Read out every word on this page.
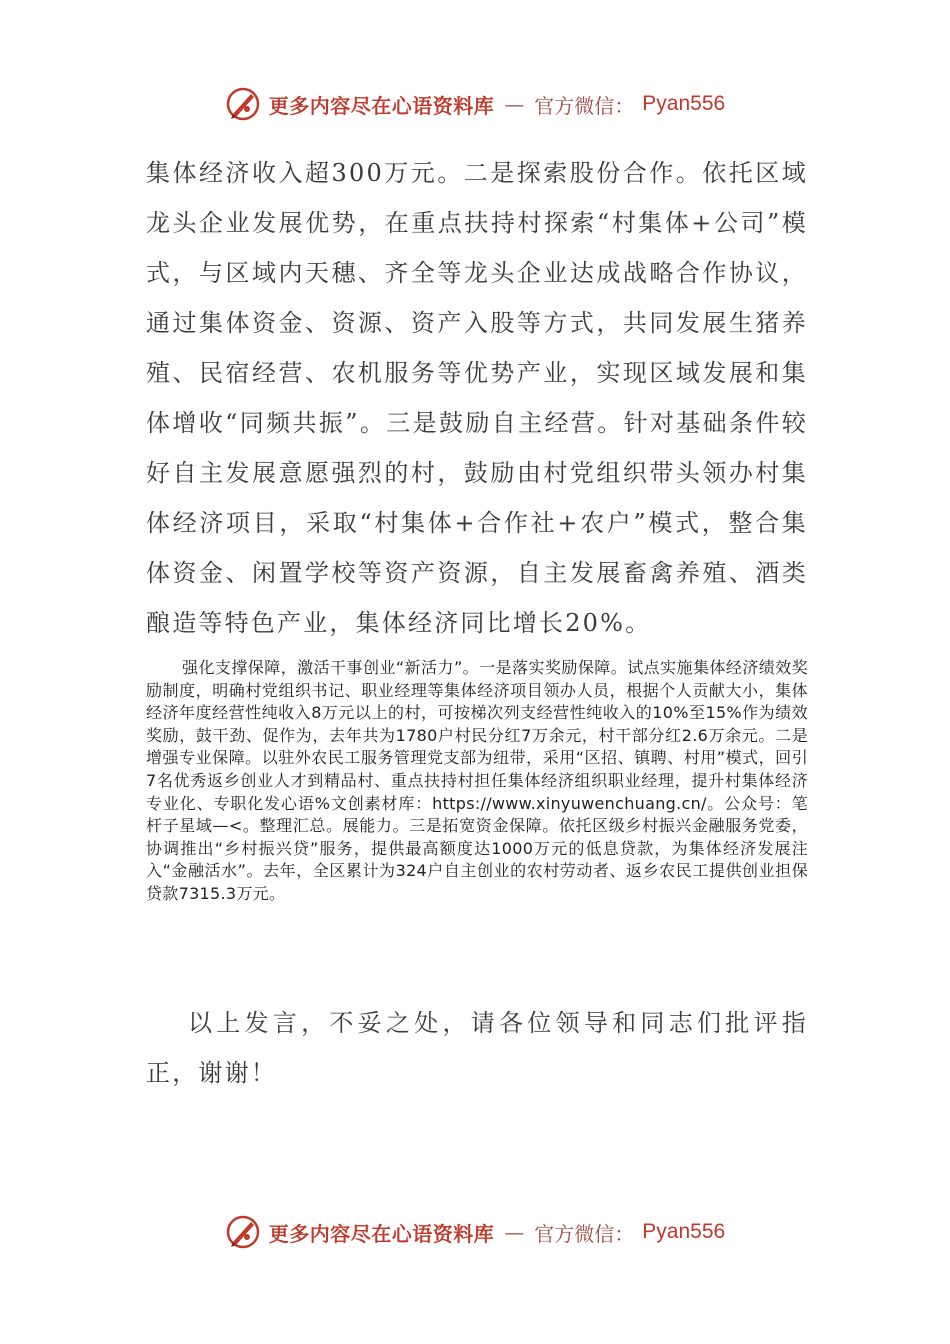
更多内容尽在心语资料库 — 官方微信： Pyan556

集体经济收入超300万元。二是探索股份合作。依托区域龙头企业发展优势，在重点扶持村探索“村集体+公司”模式，与区域内天穗、齐全等龙头企业达成战略合作协议，通过集体资金、资源、资产入股等方式，共同发展生猪养殖、民宿经营、农机服务等优势产业，实现区域发展和集体增收“同频共振”。三是鼓励自主经营。针对基础条件较好自主发展意愿强烈的村，鼓励由村党组织带头领办村集体经济项目，采取“村集体+合作社+农户”模式，整合集体资金、闲置学校等资产资源，自主发展畜禽养殖、酒类酿造等特色产业，集体经济同比增长20%。

强化支撑保障，激活干事创业“新活力”。一是落实奖励保障。试点实施集体经济绩效奖励制度，明确村党组织书记、职业经理等集体经济项目领办人员，根据个人贡献大小，集体经济年度经营性纯收入8万元以上的村，可按梯次列支经营性纯收入的10%至15%作为绩效奖励，鼓干劲、促作为，去年共为1780户村民分红7万余元，村干部分红2.6万余元。二是增强专业保障。以驻外农民工服务管理党支部为纽带，采用“区招、镇聘、村用”模式，回引7名优秀返乡创业人才到精品村、重点扶持村担任集体经济组织职业经理，提升村集体经济专业化、专职化发心语%文创素材库：https://www.xinyuwenchuang.cn/。公众号：笔杆子星域—<。整理汇总。展能力。三是拓宽资金保障。依托区级乡村振兴金融服务党委，协调推出“乡村振兴贷”服务，提供最高额度达1000万元的低息贷款，为集体经济发展注入“金融活水”。去年，全区累计为324户自主创业的农村劳动者、返乡农民工提供创业担保贷款7315.3万元。

以上发言，不妥之处，请各位领导和同志们批评指正，谢谢！

更多内容尽在心语资料库 — 官方微信： Pyan556
